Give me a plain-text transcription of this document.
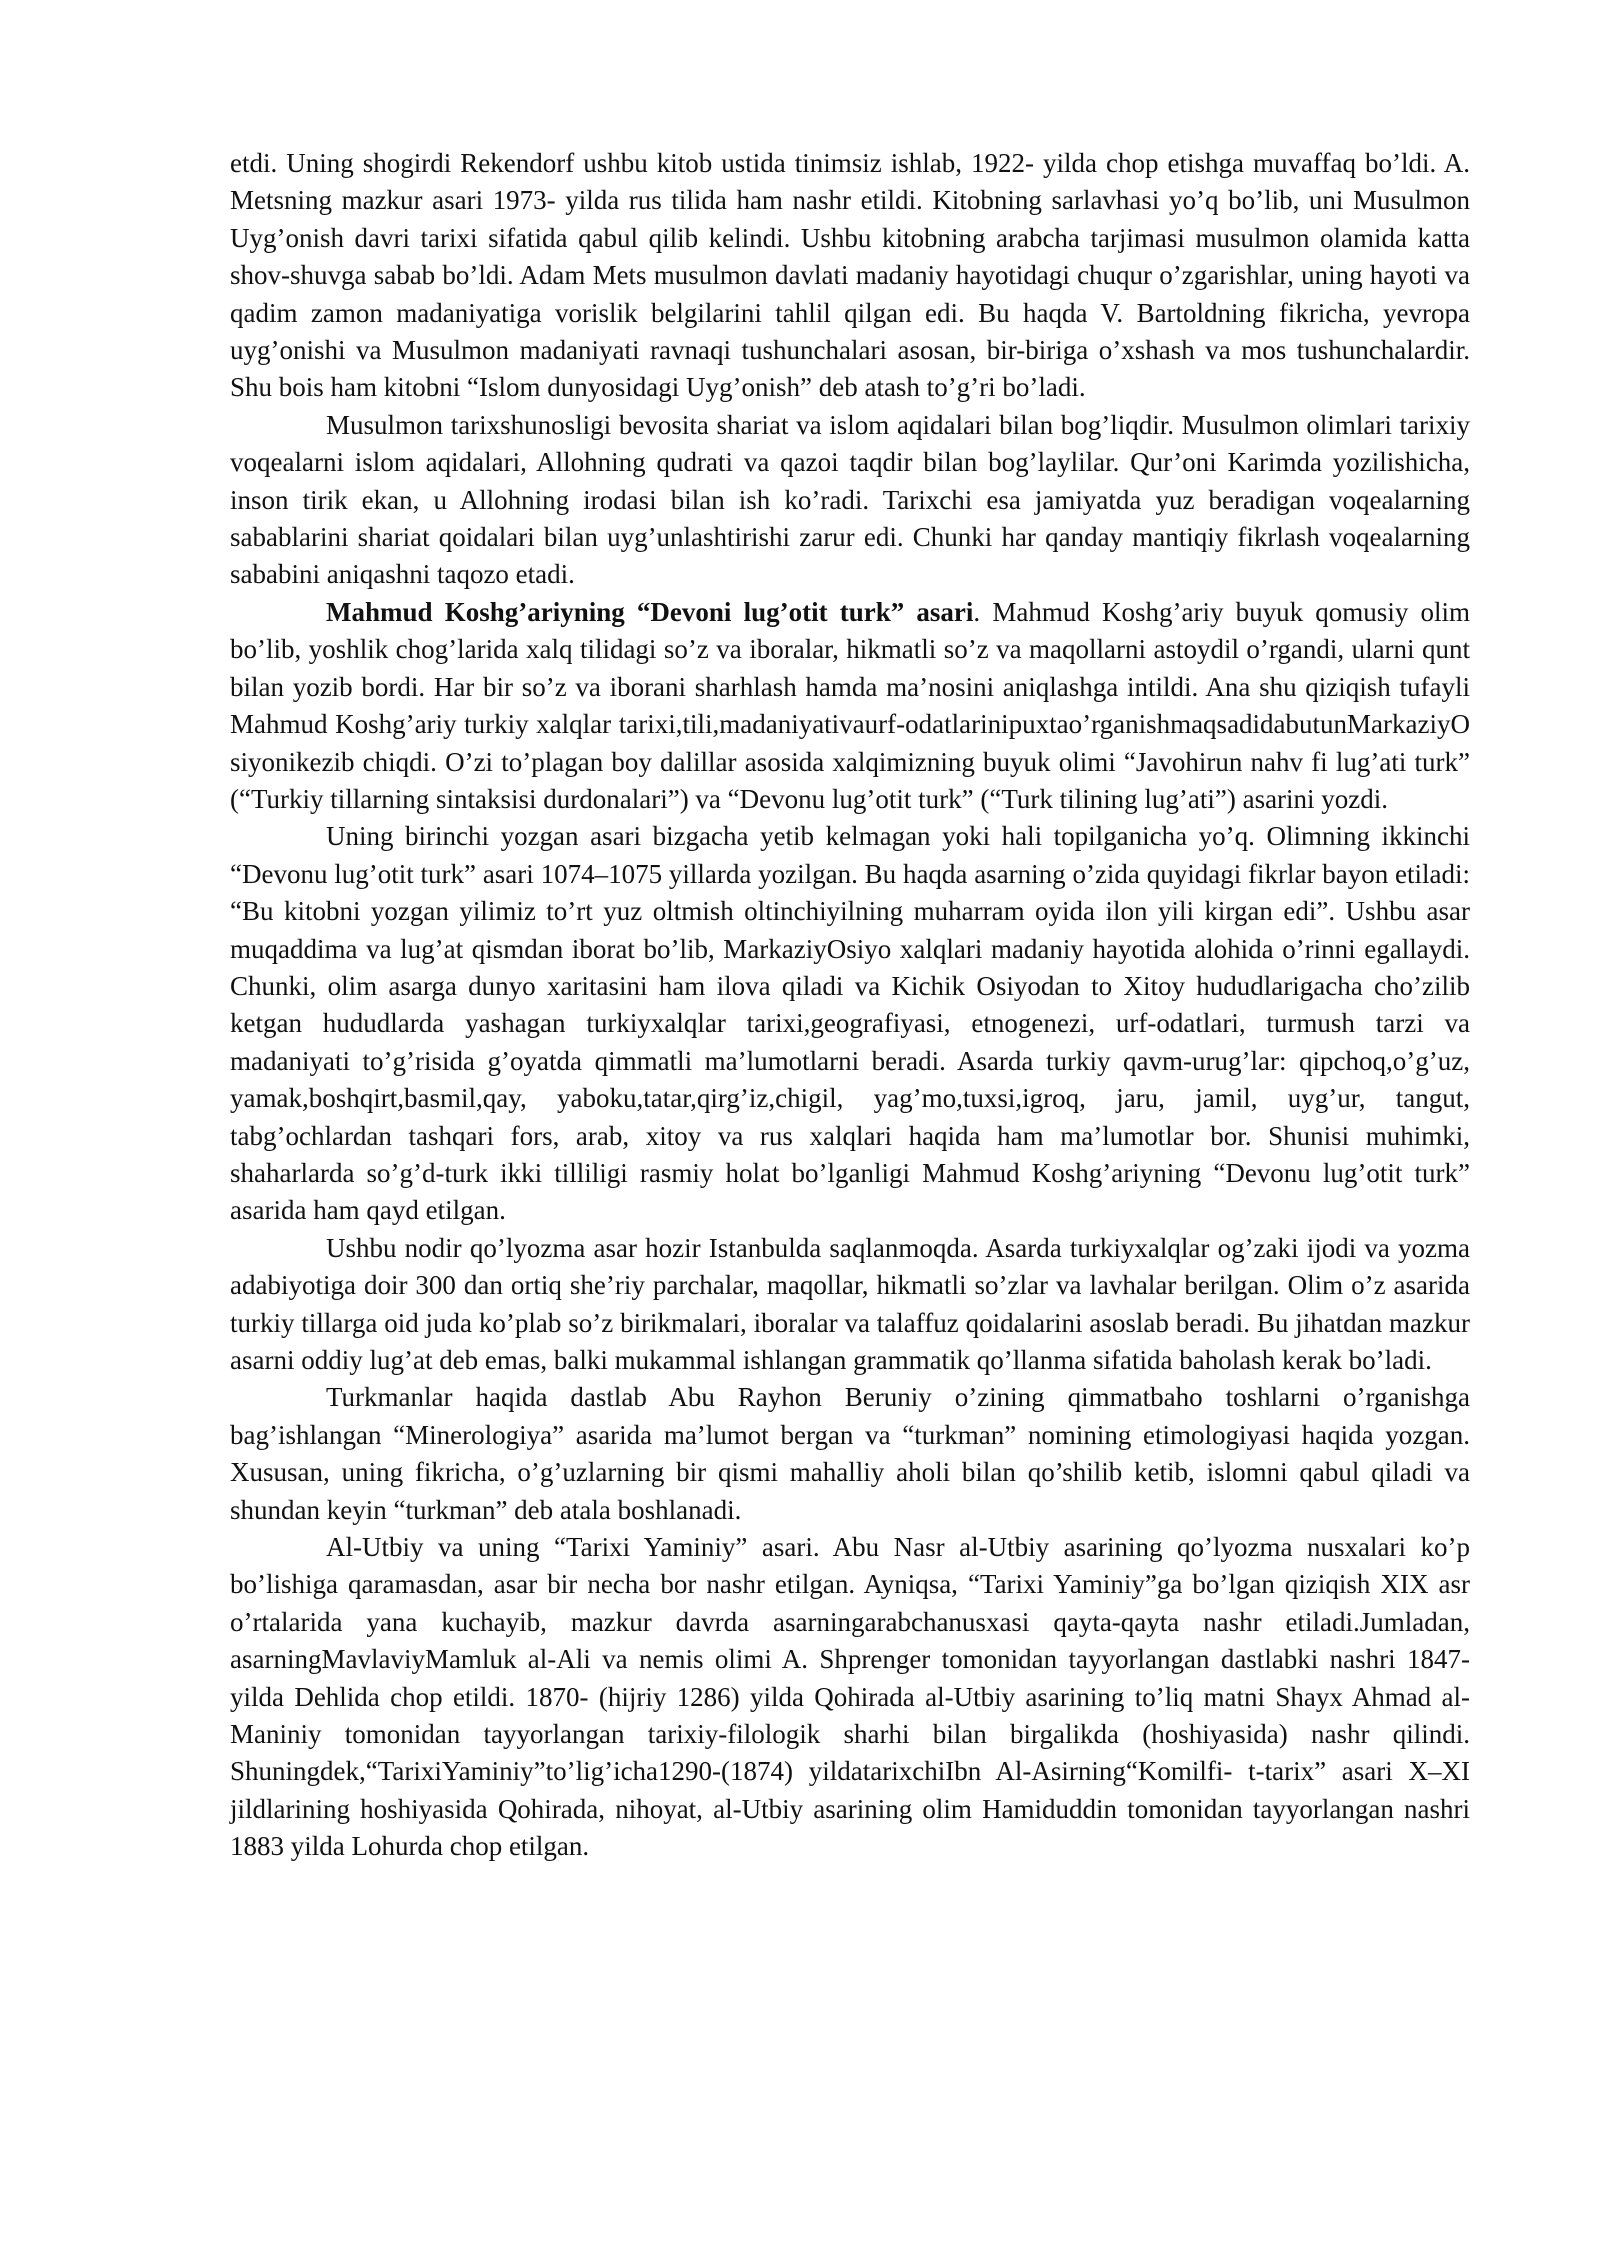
etdi. Uning shogirdi Rekendorf ushbu kitob ustida tinimsiz ishlab, 1922- yilda chop etishga muvaffaq bo’ldi. A. Metsning mazkur asari 1973- yilda rus tilida ham nashr etildi. Kitobning sarlavhasi yo’q bo’lib, uni Musulmon Uyg’onish davri tarixi sifatida qabul qilib kelindi. Ushbu kitobning arabcha tarjimasi musulmon olamida katta shov-shuvga sabab bo’ldi. Adam Mets musulmon davlati madaniy hayotidagi chuqur o’zgarishlar, uning hayoti va qadim zamon madaniyatiga vorislik belgilarini tahlil qilgan edi. Bu haqda V. Bartoldning fikricha, yevropa uyg’onishi va Musulmon madaniyati ravnaqi tushunchalari asosan, bir-biriga o’xshash va mos tushunchalardir. Shu bois ham kitobni “Islom dunyosidagi Uyg’onish” deb atash to’g’ri bo’ladi.

Musulmon tarixshunosligi bevosita shariat va islom aqidalari bilan bog’liqdir. Musulmon olimlari tarixiy voqealarni islom aqidalari, Allohning qudrati va qazoi taqdir bilan bog’laylilar. Qur’oni Karimda yozilishicha, inson tirik ekan, u Allohning irodasi bilan ish ko’radi. Tarixchi esa jamiyatda yuz beradigan voqealarning sabablarini shariat qoidalari bilan uyg’unlashtirishi zarur edi. Chunki har qanday mantiqiy fikrlash voqealarning sababini aniqashni taqozo etadi.

Mahmud Koshg’ariyning “Devoni lug’otit turk” asari. Mahmud Koshg’ariy buyuk qomusiy olim bo’lib, yoshlik chog’larida xalq tilidagi so’z va iboralar, hikmatli so’z va maqollarni astoydil o’rgandi, ularni qunt bilan yozib bordi. Har bir so’z va iborani sharhlash hamda ma’nosini aniqlashga intildi. Ana shu qiziqish tufayli Mahmud Koshg’ariy turkiy xalqlar tarixi,tili,madaniyativaurf-odatlarinipuxtao’rganishmaqsadidabutunMarkaziyOsiyonikezib chiqdi. O’zi to’plagan boy dalillar asosida xalqimizning buyuk olimi “Javohirun nahv fi lug’ati turk” (“Turkiy tillarning sintaksisi durdonalari”) va “Devonu lug’otit turk” (“Turk tilining lug’ati”) asarini yozdi.

Uning birinchi yozgan asari bizgacha yetib kelmagan yoki hali topilganicha yo’q. Olimning ikkinchi “Devonu lug’otit turk” asari 1074–1075 yillarda yozilgan. Bu haqda asarning o’zida quyidagi fikrlar bayon etiladi: “Bu kitobni yozgan yilimiz to’rt yuz oltmish oltinchiyilning muharram oyida ilon yili kirgan edi”. Ushbu asar muqaddima va lug’at qismdan iborat bo’lib, MarkaziyOsiyo xalqlari madaniy hayotida alohida o’rinni egallaydi. Chunki, olim asarga dunyo xaritasini ham ilova qiladi va Kichik Osiyodan to Xitoy hududlarigacha cho’zilib ketgan hududlarda yashagan turkiyxalqlar tarixi,geografiyasi, etnogenezi, urf-odatlari, turmush tarzi va madaniyati to’g’risida g’oyatda qimmatli ma’lumotlarni beradi. Asarda turkiy qavm-urug’lar: qipchoq,o’g’uz, yamak,boshqirt,basmil,qay, yaboku,tatar,qirg’iz,chigil, yag’mo,tuxsi,igroq, jaru, jamil, uyg’ur, tangut, tabg’ochlardan tashqari fors, arab, xitoy va rus xalqlari haqida ham ma’lumotlar bor. Shunisi muhimki, shaharlarda so’g’d-turk ikki tilliligi rasmiy holat bo’lganligi Mahmud Koshg’ariyning “Devonu lug’otit turk” asarida ham qayd etilgan.

Ushbu nodir qo’lyozma asar hozir Istanbulda saqlanmoqda. Asarda turkiyxalqlar og’zaki ijodi va yozma adabiyotiga doir 300 dan ortiq she’riy parchalar, maqollar, hikmatli so’zlar va lavhalar berilgan. Olim o’z asarida turkiy tillarga oid juda ko’plab so’z birikmalari, iboralar va talaffuz qoidalarini asoslab beradi. Bu jihatdan mazkur asarni oddiy lug’at deb emas, balki mukammal ishlangan grammatik qo’llanma sifatida baholash kerak bo’ladi.

Turkmanlar haqida dastlab Abu Rayhon Beruniy o’zining qimmatbaho toshlarni o’rganishga bag’ishlangan “Minerologiya” asarida ma’lumot bergan va “turkman” nomining etimologiyasi haqida yozgan. Xususan, uning fikricha, o’g’uzlarning bir qismi mahalliy aholi bilan qo’shilib ketib, islomni qabul qiladi va shundan keyin “turkman” deb atala boshlanadi.

Al-Utbiy va uning “Tarixi Yaminiy” asari. Abu Nasr al-Utbiy asarining qo’lyozma nusxalari ko’p bo’lishiga qaramasdan, asar bir necha bor nashr etilgan. Ayniqsa, “Tarixi Yaminiy”ga bo’lgan qiziqish XIX asr o’rtalarida yana kuchayib, mazkur davrda asarningarabchanusxasi qayta-qayta nashr etiladi.Jumladan, asarningMavlaviyMamluk al-Ali va nemis olimi A. Shprenger tomonidan tayyorlangan dastlabki nashri 1847- yilda Dehlida chop etildi. 1870- (hijriy 1286) yilda Qohirada al-Utbiy asarining to’liq matni Shayx Ahmad al-Maniniy tomonidan tayyorlangan tarixiy-filologik sharhi bilan birgalikda (hoshiyasida) nashr qilindi. Shuningdek,“TarixiYaminiy”to’lig’icha1290-(1874) yildatarixchiIbn Al-Asirning“Komilfi- t-tarix” asari X–XI jildlarining hoshiyasida Qohirada, nihoyat, al-Utbiy asarining olim Hamiduddin tomonidan tayyorlangan nashri 1883 yilda Lohurda chop etilgan.
